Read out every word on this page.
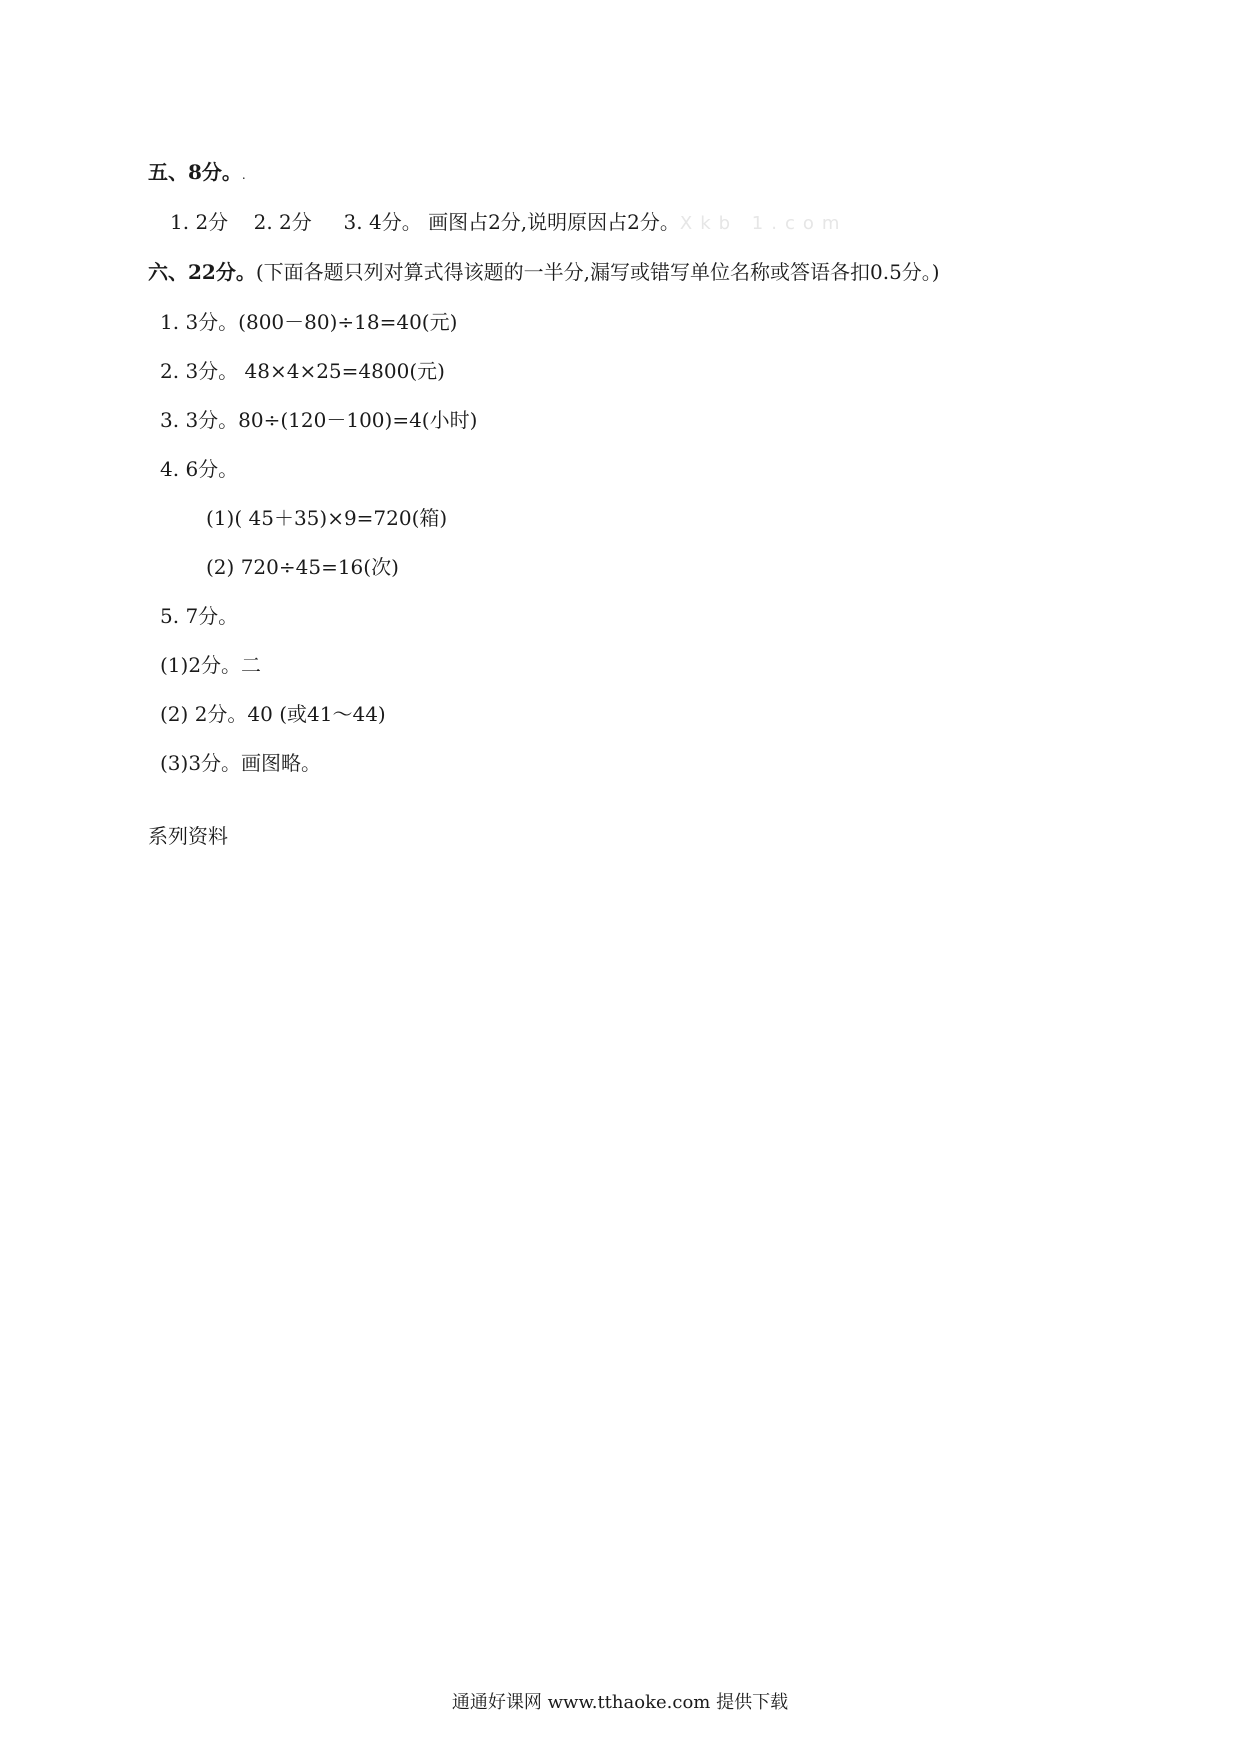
五、8分。.
1. 2分    2. 2分     3. 4分。 画图占2分,说明原因占2分。Xkb 1.com
六、22分。(下面各题只列对算式得该题的一半分,漏写或错写单位名称或答语各扣0.5分。)
1. 3分。(800－80)÷18=40(元)
2. 3分。 48×4×25=4800(元)
3. 3分。80÷(120－100)=4(小时)
4. 6分。
(1)( 45＋35)×9=720(箱)
(2) 720÷45=16(次)
5. 7分。
(1)2分。二
(2) 2分。40 (或41～44)
(3)3分。画图略。
系列资料
通通好课网 www.tthaoke.com 提供下载
